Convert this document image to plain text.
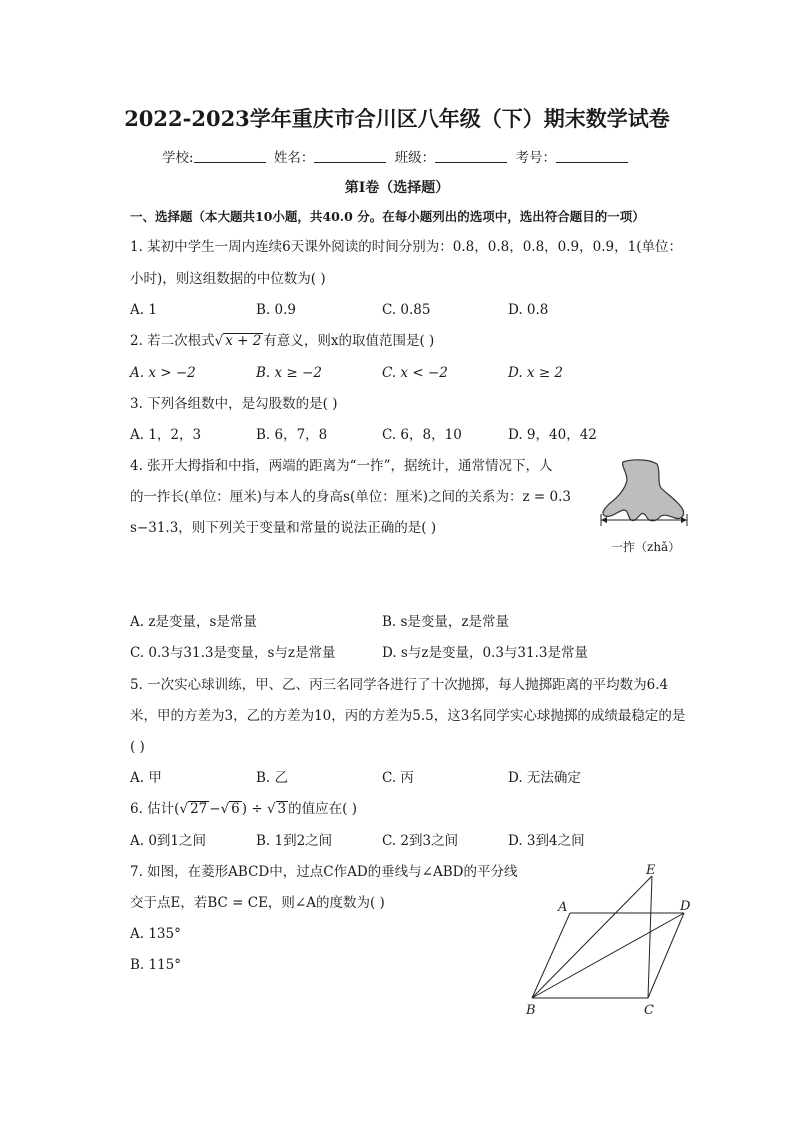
2022-2023学年重庆市合川区八年级（下）期末数学试卷
学校:	姓名：	班级：	考号：
第I卷（选择题）
一、选择题（本大题共10小题，共40.0 分。在每小题列出的选项中，选出符合题目的一项）
1. 某初中学生一周内连续6天课外阅读的时间分别为：0.8，0.8，0.8，0.9，0.9，1(单位：
小时)，则这组数据的中位数为( )
A. 1	B. 0.9	C. 0.85	D. 0.8
2. 若二次根式√ x + 2 有意义，则x的取值范围是( )
A. x > −2	B. x ≥ −2	C. x < −2	D. x ≥ 2
3. 下列各组数中，是勾股数的是( )
A. 1，2，3	B. 6，7，8	C. 6，8，10	D. 9，40，42
4. 张开大拇指和中指，两端的距离为“一拃”，据统计，通常情况下，人
的一拃长(单位：厘米)与本人的身高s(单位：厘米)之间的关系为：z = 0.3
s−31.3，则下列关于变量和常量的说法正确的是( )
一拃（zhǎ）
A. z是变量，s是常量	B. s是变量，z是常量
C. 0.3与31.3是变量，s与z是常量	D. s与z是变量，0.3与31.3是常量
5. 一次实心球训练，甲、乙、丙三名同学各进行了十次抛掷，每人抛掷距离的平均数为6.4
米，甲的方差为3，乙的方差为10，丙的方差为5.5，这3名同学实心球抛掷的成绩最稳定的是
( )
A. 甲	B. 乙	C. 丙	D. 无法确定
6. 估计(√ 27 −√ 6 ) ÷ √ 3 的值应在( )
A. 0到1之间	B. 1到2之间	C. 2到3之间	D. 3到4之间
7. 如图，在菱形ABCD中，过点C作AD的垂线与∠ABD的平分线
交于点E，若BC = CE，则∠A的度数为( )
A. 135°
B. 115°
A
B	C
D
E
